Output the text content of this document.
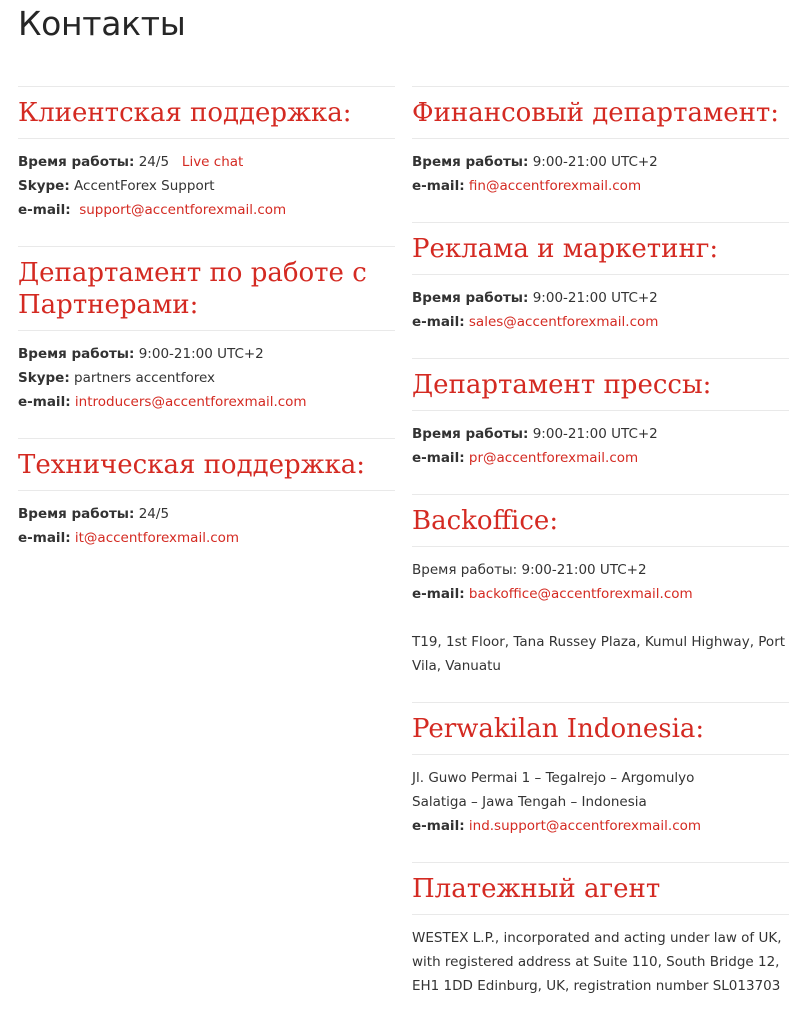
Контакты
Клиентская поддержка:

Время работы: 24/5 Live chat

Skype: AccentForex Support

e-mail: support@accentforexmail.com

Департамент по работе с Партнерами:

Время работы: 9:00-21:00 UTC+2

Skype: partners accentforex

e-mail: introducers@accentforexmail.com

Техническая поддержка:

Время работы: 24/5

e-mail: it@accentforexmail.com

Финансовый департамент:

Время работы: 9:00-21:00 UTC+2

e-mail: fin@accentforexmail.com

Реклама и маркетинг:

Время работы: 9:00-21:00 UTC+2

e-mail: sales@accentforexmail.com

Департамент прессы:

Время работы: 9:00-21:00 UTC+2

e-mail: pr@accentforexmail.com

Backoffice:

Время работы: 9:00-21:00 UTC+2

e-mail: backoffice@accentforexmail.com

T19, 1st Floor, Tana Russey Plaza, Kumul Highway, Port Vila, Vanuatu

Perwakilan Indonesia:

Jl. Guwo Permai 1 – Tegalrejo – Argomulyo

Salatiga – Jawa Tengah – Indonesia

e-mail: ind.support@accentforexmail.com

Платежный агент

WESTEX L.P., incorporated and acting under law of UK, with registered address at Suite 110, South Bridge 12, EH1 1DD Edinburg, UK, registration number SL013703
